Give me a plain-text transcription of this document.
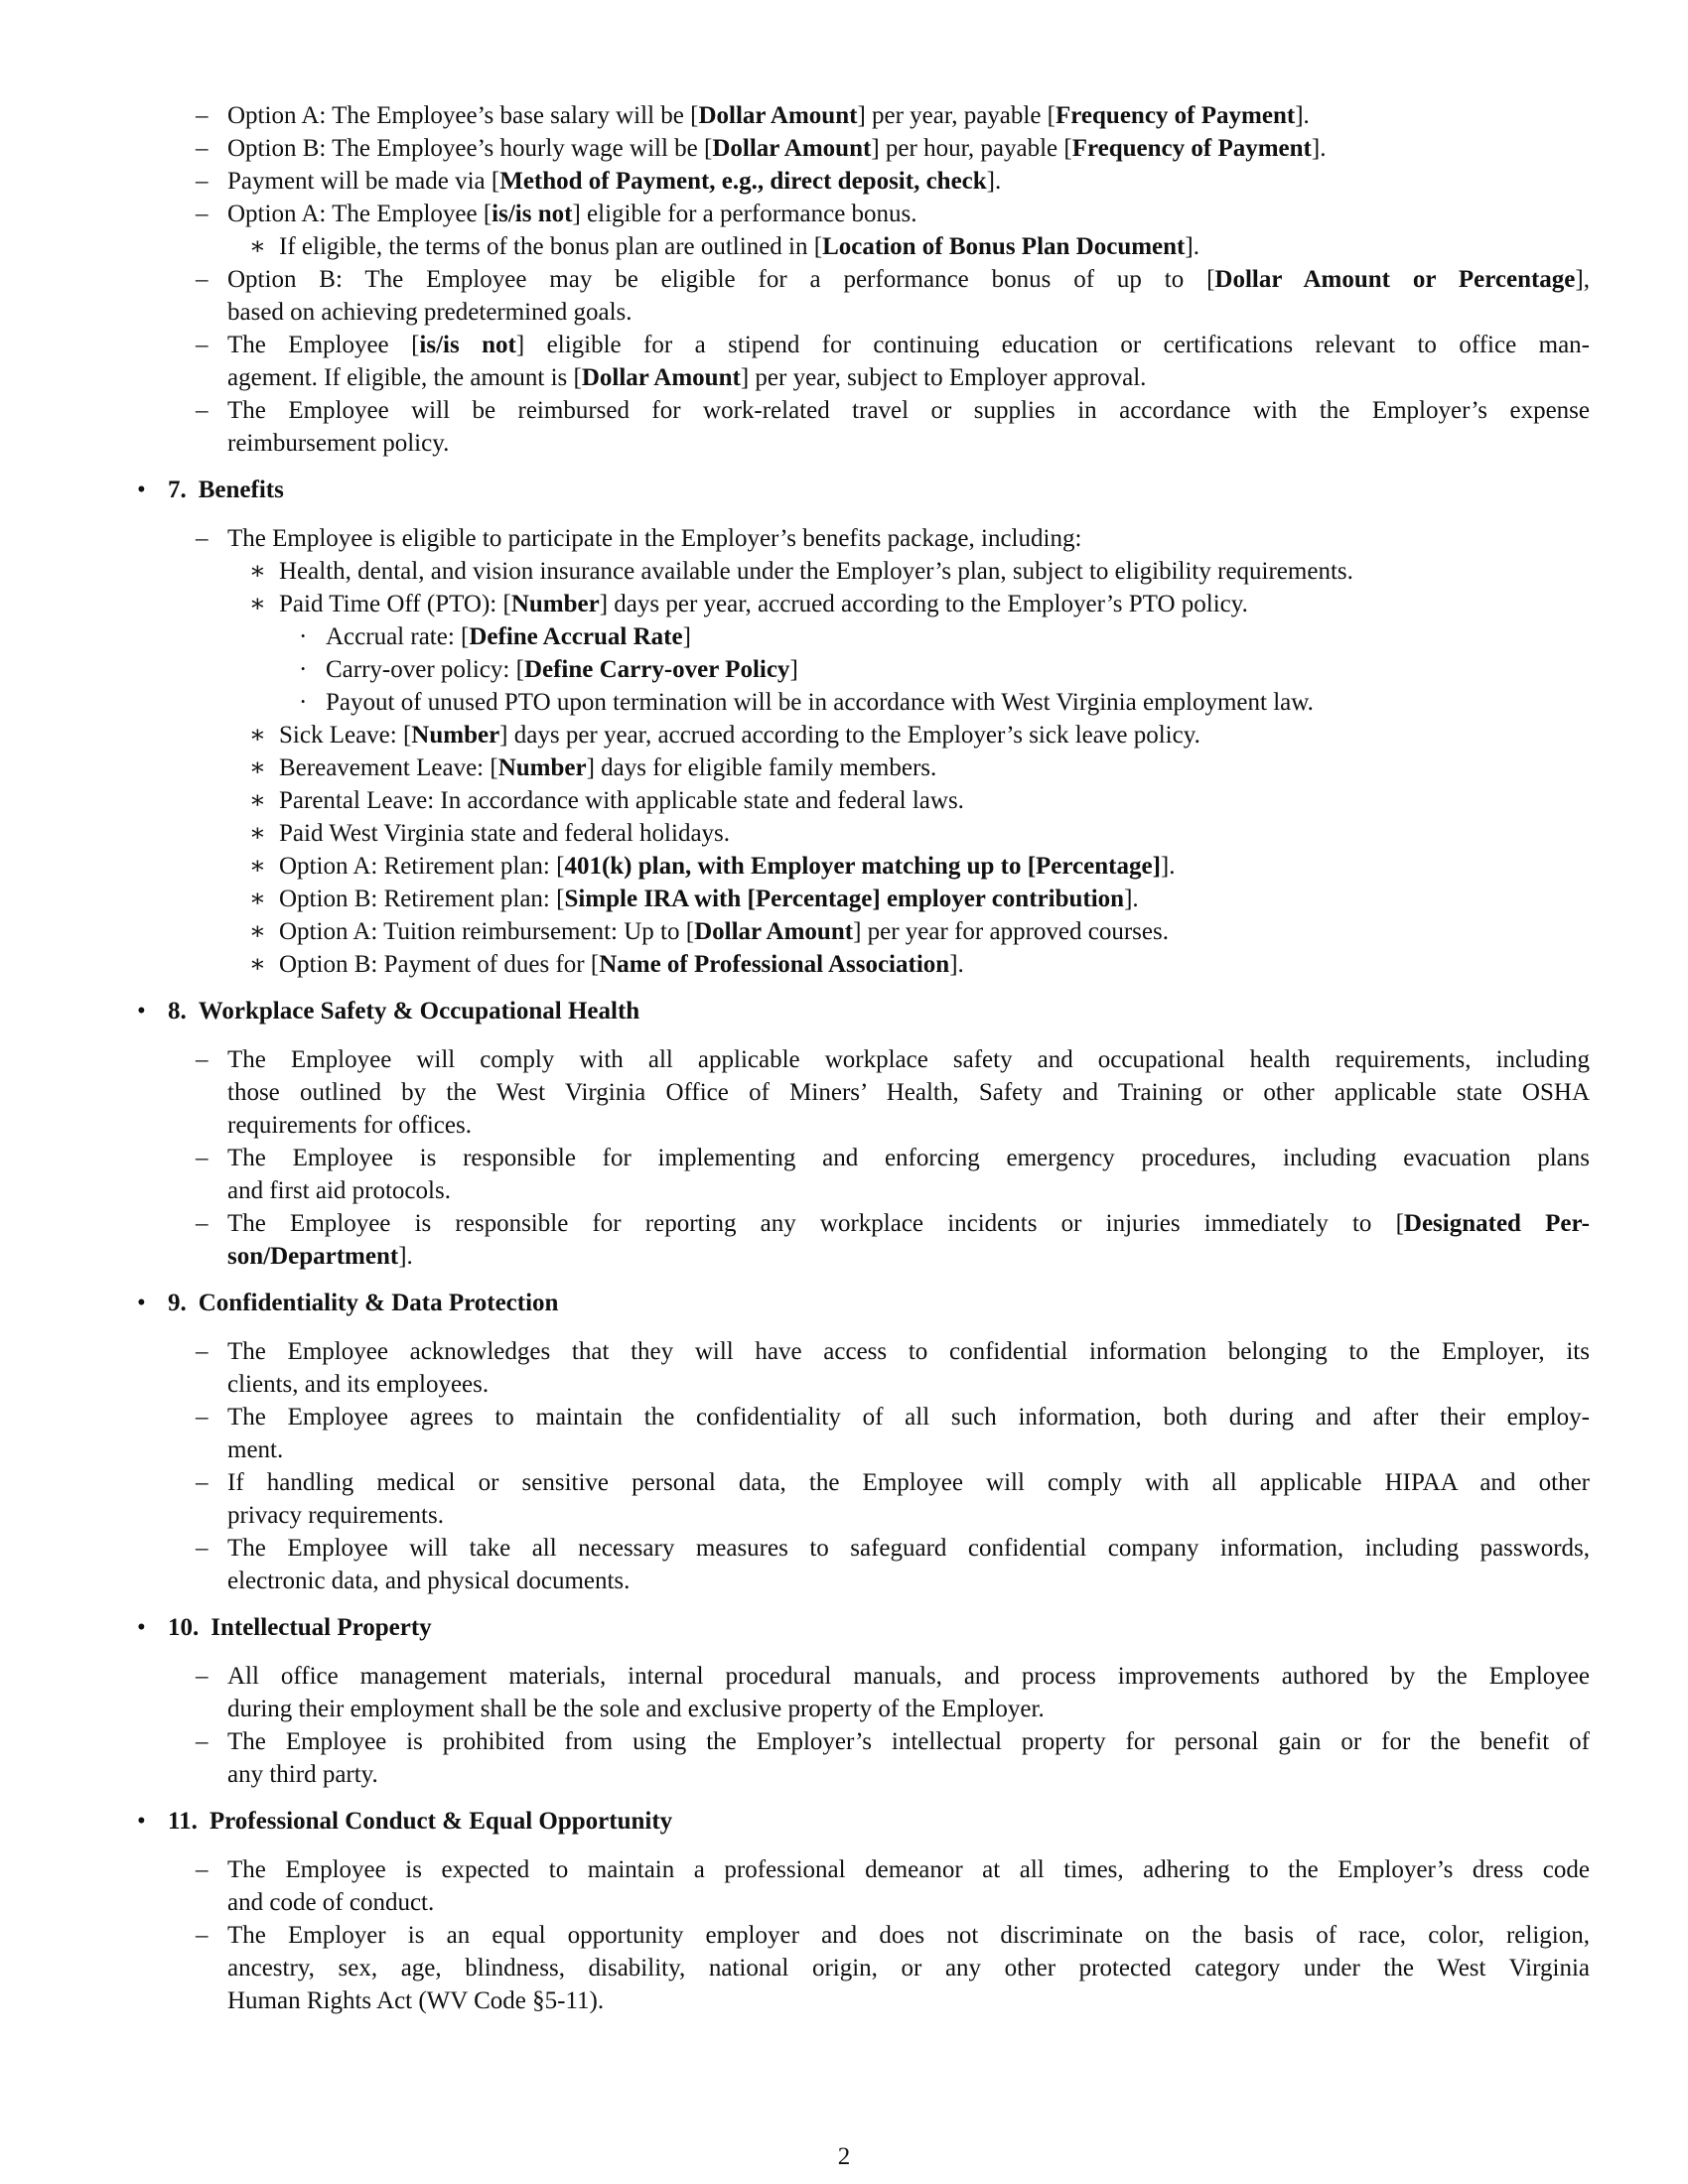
– Option A: The Employee’s base salary will be [Dollar Amount] per year, payable [Frequency of Payment].
– Option B: The Employee’s hourly wage will be [Dollar Amount] per hour, payable [Frequency of Payment].
– Payment will be made via [Method of Payment, e.g., direct deposit, check].
– Option A: The Employee [is/is not] eligible for a performance bonus.
∗ If eligible, the terms of the bonus plan are outlined in [Location of Bonus Plan Document].
– Option B: The Employee may be eligible for a performance bonus of up to [Dollar Amount or Percentage],
based on achieving predetermined goals.
– The Employee [is/is not] eligible for a stipend for continuing education or certifications relevant to office man-
agement. If eligible, the amount is [Dollar Amount] per year, subject to Employer approval.
– The Employee will be reimbursed for work-related travel or supplies in accordance with the Employer’s expense
reimbursement policy.
• 7. Benefits
– The Employee is eligible to participate in the Employer’s benefits package, including:
∗ Health, dental, and vision insurance available under the Employer’s plan, subject to eligibility requirements.
∗ Paid Time Off (PTO): [Number] days per year, accrued according to the Employer’s PTO policy.
· Accrual rate: [Define Accrual Rate]
· Carry-over policy: [Define Carry-over Policy]
· Payout of unused PTO upon termination will be in accordance with West Virginia employment law.
∗ Sick Leave: [Number] days per year, accrued according to the Employer’s sick leave policy.
∗ Bereavement Leave: [Number] days for eligible family members.
∗ Parental Leave: In accordance with applicable state and federal laws.
∗ Paid West Virginia state and federal holidays.
∗ Option A: Retirement plan: [401(k) plan, with Employer matching up to [Percentage]].
∗ Option B: Retirement plan: [Simple IRA with [Percentage] employer contribution].
∗ Option A: Tuition reimbursement: Up to [Dollar Amount] per year for approved courses.
∗ Option B: Payment of dues for [Name of Professional Association].
• 8. Workplace Safety & Occupational Health
– The Employee will comply with all applicable workplace safety and occupational health requirements, including
those outlined by the West Virginia Office of Miners’ Health, Safety and Training or other applicable state OSHA
requirements for offices.
– The Employee is responsible for implementing and enforcing emergency procedures, including evacuation plans
and first aid protocols.
– The Employee is responsible for reporting any workplace incidents or injuries immediately to [Designated Per-
son/Department].
• 9. Confidentiality & Data Protection
– The Employee acknowledges that they will have access to confidential information belonging to the Employer, its
clients, and its employees.
– The Employee agrees to maintain the confidentiality of all such information, both during and after their employ-
ment.
– If handling medical or sensitive personal data, the Employee will comply with all applicable HIPAA and other
privacy requirements.
– The Employee will take all necessary measures to safeguard confidential company information, including passwords,
electronic data, and physical documents.
• 10. Intellectual Property
– All office management materials, internal procedural manuals, and process improvements authored by the Employee
during their employment shall be the sole and exclusive property of the Employer.
– The Employee is prohibited from using the Employer’s intellectual property for personal gain or for the benefit of
any third party.
• 11. Professional Conduct & Equal Opportunity
– The Employee is expected to maintain a professional demeanor at all times, adhering to the Employer’s dress code
and code of conduct.
– The Employer is an equal opportunity employer and does not discriminate on the basis of race, color, religion,
ancestry, sex, age, blindness, disability, national origin, or any other protected category under the West Virginia
Human Rights Act (WV Code §5-11).
2
